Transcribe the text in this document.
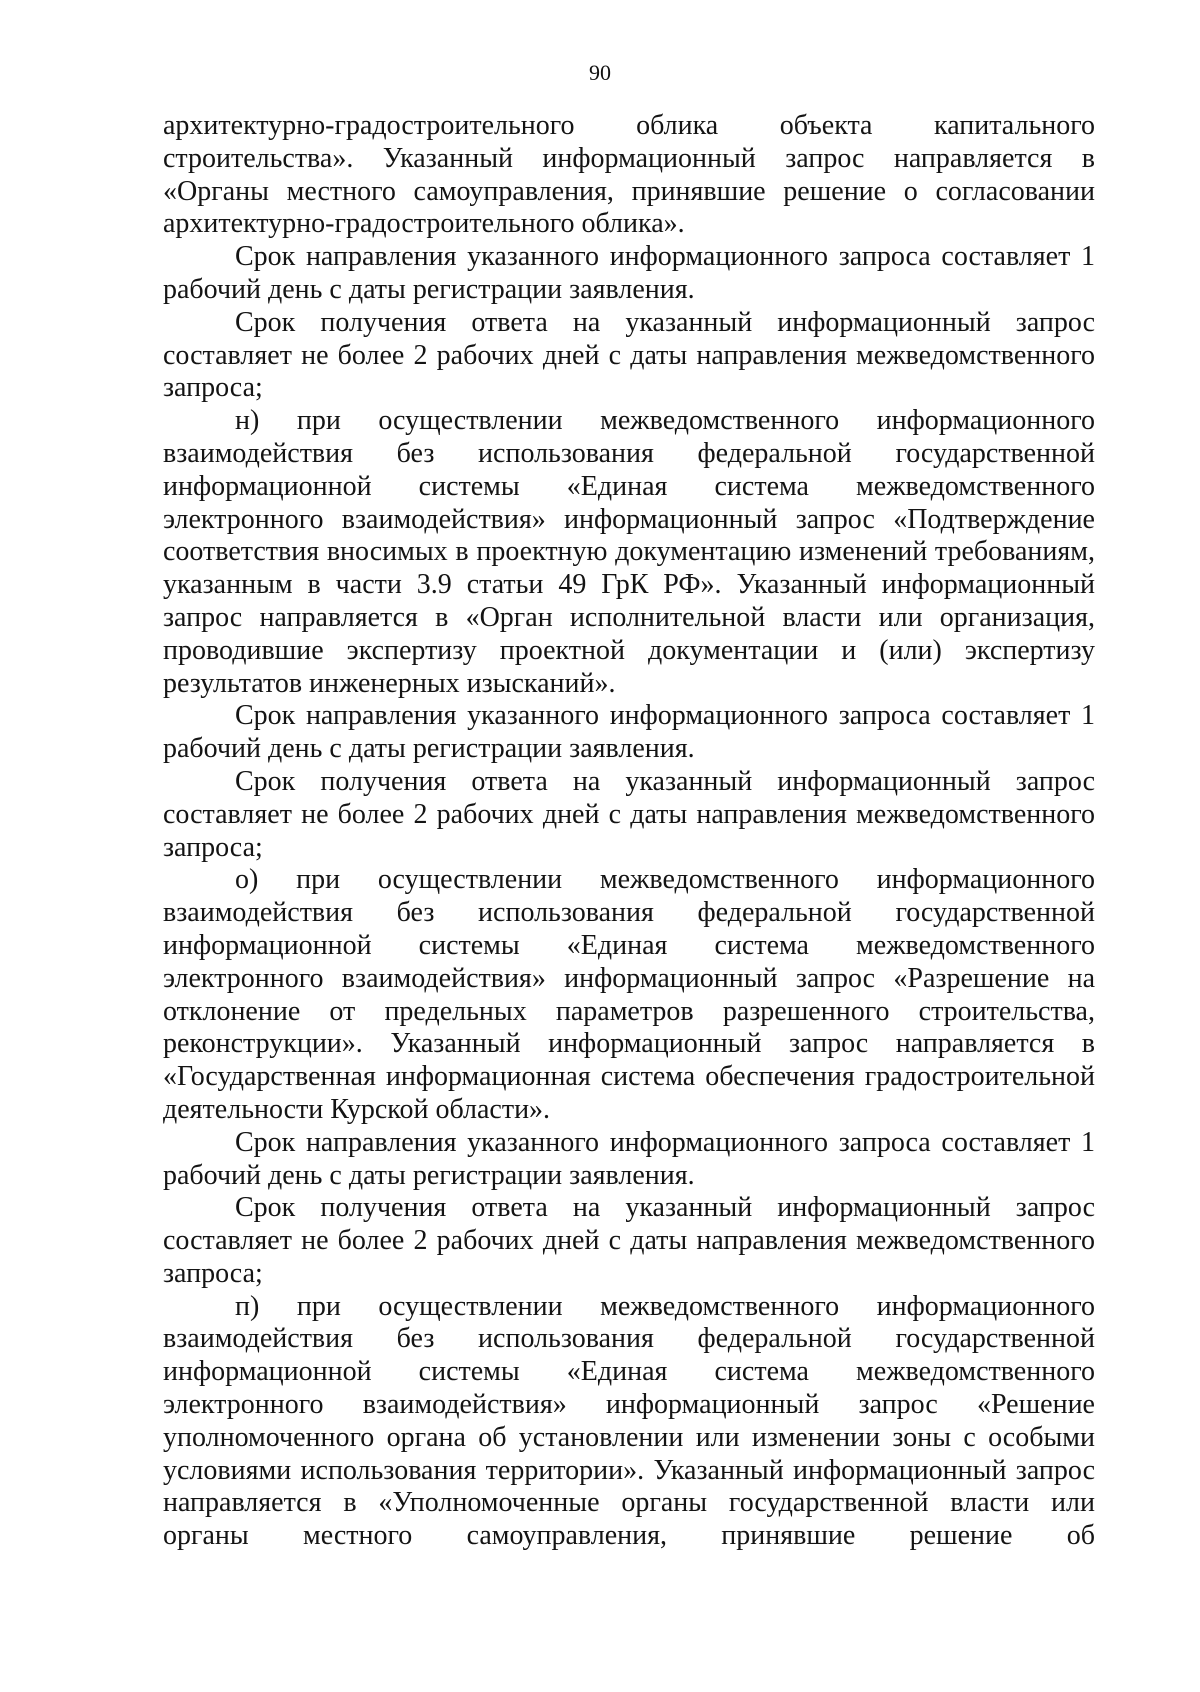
90

архитектурно-градостроительного облика объекта капитального строительства». Указанный информационный запрос направляется в «Органы местного самоуправления, принявшие решение о согласовании архитектурно-градостроительного облика».

Срок направления указанного информационного запроса составляет 1 рабочий день с даты регистрации заявления.

Срок получения ответа на указанный информационный запрос составляет не более 2 рабочих дней с даты направления межведомственного запроса;

н) при осуществлении межведомственного информационного взаимодействия без использования федеральной государственной информационной системы «Единая система межведомственного электронного взаимодействия» информационный запрос «Подтверждение соответствия вносимых в проектную документацию изменений требованиям, указанным в части 3.9 статьи 49 ГрК РФ». Указанный информационный запрос направляется в «Орган исполнительной власти или организация, проводившие экспертизу проектной документации и (или) экспертизу результатов инженерных изысканий».

Срок направления указанного информационного запроса составляет 1 рабочий день с даты регистрации заявления.

Срок получения ответа на указанный информационный запрос составляет не более 2 рабочих дней с даты направления межведомственного запроса;

о) при осуществлении межведомственного информационного взаимодействия без использования федеральной государственной информационной системы «Единая система межведомственного электронного взаимодействия» информационный запрос «Разрешение на отклонение от предельных параметров разрешенного строительства, реконструкции». Указанный информационный запрос направляется в «Государственная информационная система обеспечения градостроительной деятельности Курской области».

Срок направления указанного информационного запроса составляет 1 рабочий день с даты регистрации заявления.

Срок получения ответа на указанный информационный запрос составляет не более 2 рабочих дней с даты направления межведомственного запроса;

п) при осуществлении межведомственного информационного взаимодействия без использования федеральной государственной информационной системы «Единая система межведомственного электронного взаимодействия» информационный запрос «Решение уполномоченного органа об установлении или изменении зоны с особыми условиями использования территории». Указанный информационный запрос направляется в «Уполномоченные органы государственной власти или органы местного самоуправления, принявшие решение об
